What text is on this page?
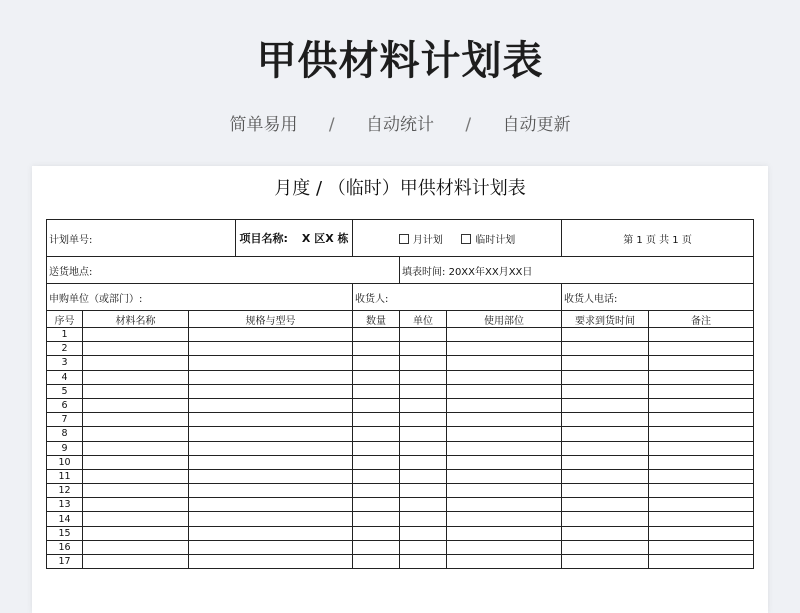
甲供材料计划表
简单易用 / 自动统计 / 自动更新
月度 / （临时）甲供材料计划表
计划单号: 项目名称: X 区X 栋			月计划 临时计划			第 1 页 共 1 页	
送货地点:				填表时间: 20XX年XX月XX日			
申购单位（或部门）:			收货人:			收货人电话:	
序号	材料名称	规格与型号	数量	单位	使用部位	要求到货时间	备注
1							
2							
3							
4							
5							
6							
7							
8							
9							
10							
11							
12							
13							
14							
15							
16							
17							
